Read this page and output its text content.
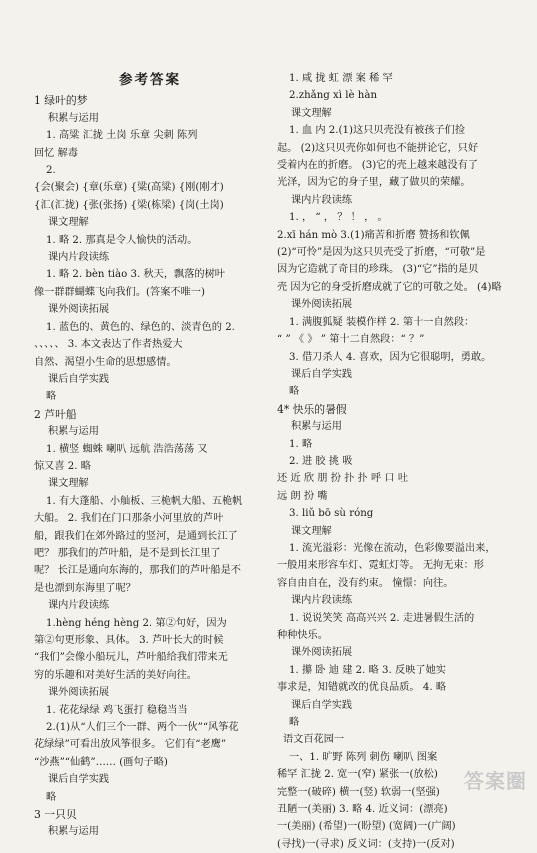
参考答案
1 绿叶的梦
积累与运用
1. 高粱 汇拢 土岗 乐章 尖刺 陈列
回忆 解毒
2.
{会(聚会) {章(乐章) {粱(高粱) {刚(刚才)
{汇(汇拢) {张(张扬) {梁(栋梁) {岗(土岗)
课文理解
1. 略 2. 那真是令人愉快的活动。
课内片段读练
1. 略 2. bèn tiào 3. 秋天，飘落的树叶
像一群群蝴蝶飞向我们。(答案不唯一)
课外阅读拓展
1. 蓝色的、黄色的、绿色的、淡青色的 2.
、、、、、 3. 本文表达了作者热爱大
自然、渴望小生命的思想感情。
课后自学实践
略
2 芦叶船
积累与运用
1. 横竖 蜘蛛 喇叭 远航 浩浩荡荡 又
惊又喜 2. 略
课文理解
1. 有大蓬船、小舢板、三桅帆大船、五桅帆
大船。 2. 我们在门口那条小河里放的芦叶
船，跟我们在郊外路过的竖河，是通到长江了
吧？ 那我们的芦叶船，是不是到长江里了
呢？ 长江是通向东海的，那我们的芦叶船是不
是也漂到东海里了呢？
课内片段读练
1.hèng héng hèng 2. 第②句好，因为
第②句更形象、具体。 3. 芦叶长大的时候
“我们”会像小船玩儿，芦叶船给我们带来无
穷的乐趣和对美好生活的美好向往。
课外阅读拓展
1. 花花绿绿 鸡飞蛋打 稳稳当当
2.(1)从“人们三个一群、两个一伙”“风筝花
花绿绿”可看出放风筝很多。 它们有“老鹰”
“沙燕”“仙鹤”…… (画句子略)
课后自学实践
略
3 一只贝
积累与运用
1. 咸 拢 虹 漂 案 稀 罕
2.zhǎng xì lè hàn
课文理解
1. 血 内 2.(1)这只贝壳没有被孩子们捡
起。 (2)这只贝壳你如何也不能拼论它，只好
受着内在的折磨。 (3)它的壳上越来越没有了
光泽，因为它的身子里，藏了做贝的荣耀。
课内片段读练
1. ， “ ， ？ ！ ， 。
2.xī hán mò 3.(1)痛苦和折磨 赞扬和钦佩
(2)“可怜”是因为这只贝壳受了折磨，“可敬”是
因为它造就了奇目的珍珠。 (3)“它”指的是贝
壳 因为它的身受折磨成就了它的可敬之处。 (4)略
课外阅读拓展
1. 满腹狐疑 装模作样 2. 第十一自然段：
“ ” 《 》 ” 第十二自然段：“ ？”
3. 借刀杀人 4. 喜欢，因为它很聪明，勇敢。
课后自学实践
略
4* 快乐的暑假
积累与运用
1. 略
2. 进 胶 挑 吸
还 近 欣 朋 扮 扑 扑 呼 口 吐
远 朗 扮 嘴
3. liǔ bō sù róng
课文理解
1. 流光溢彩：光像在流动，色彩像要溢出来，
一般用来形容车灯、霓虹灯等。 无拘无束：形
容自由自在，没有约束。 憧憬：向往。
课内片段读练
1. 说说笑笑 高高兴兴 2. 走进暑假生活的
种种快乐。
课外阅读拓展
1. 攥 卧 迪 建 2. 略 3. 反映了她实
事求是，知错就改的优良品质。 4. 略
课后自学实践
略
语文百花园一
一、1. 旷野 陈列 刺伤 喇叭 图案
稀罕 汇拢 2. 宽一(窄) 紧张一(放松)
完整一(破碎) 横一(竖) 软弱一(坚强)
丑陋一(美丽) 3. 略 4. 近义词：(漂亮)
一(美丽) (希望)一(盼望) (宽阔)一(广阔)
(寻找)一(寻求) 反义词：(支持)一(反对)
答案圈
